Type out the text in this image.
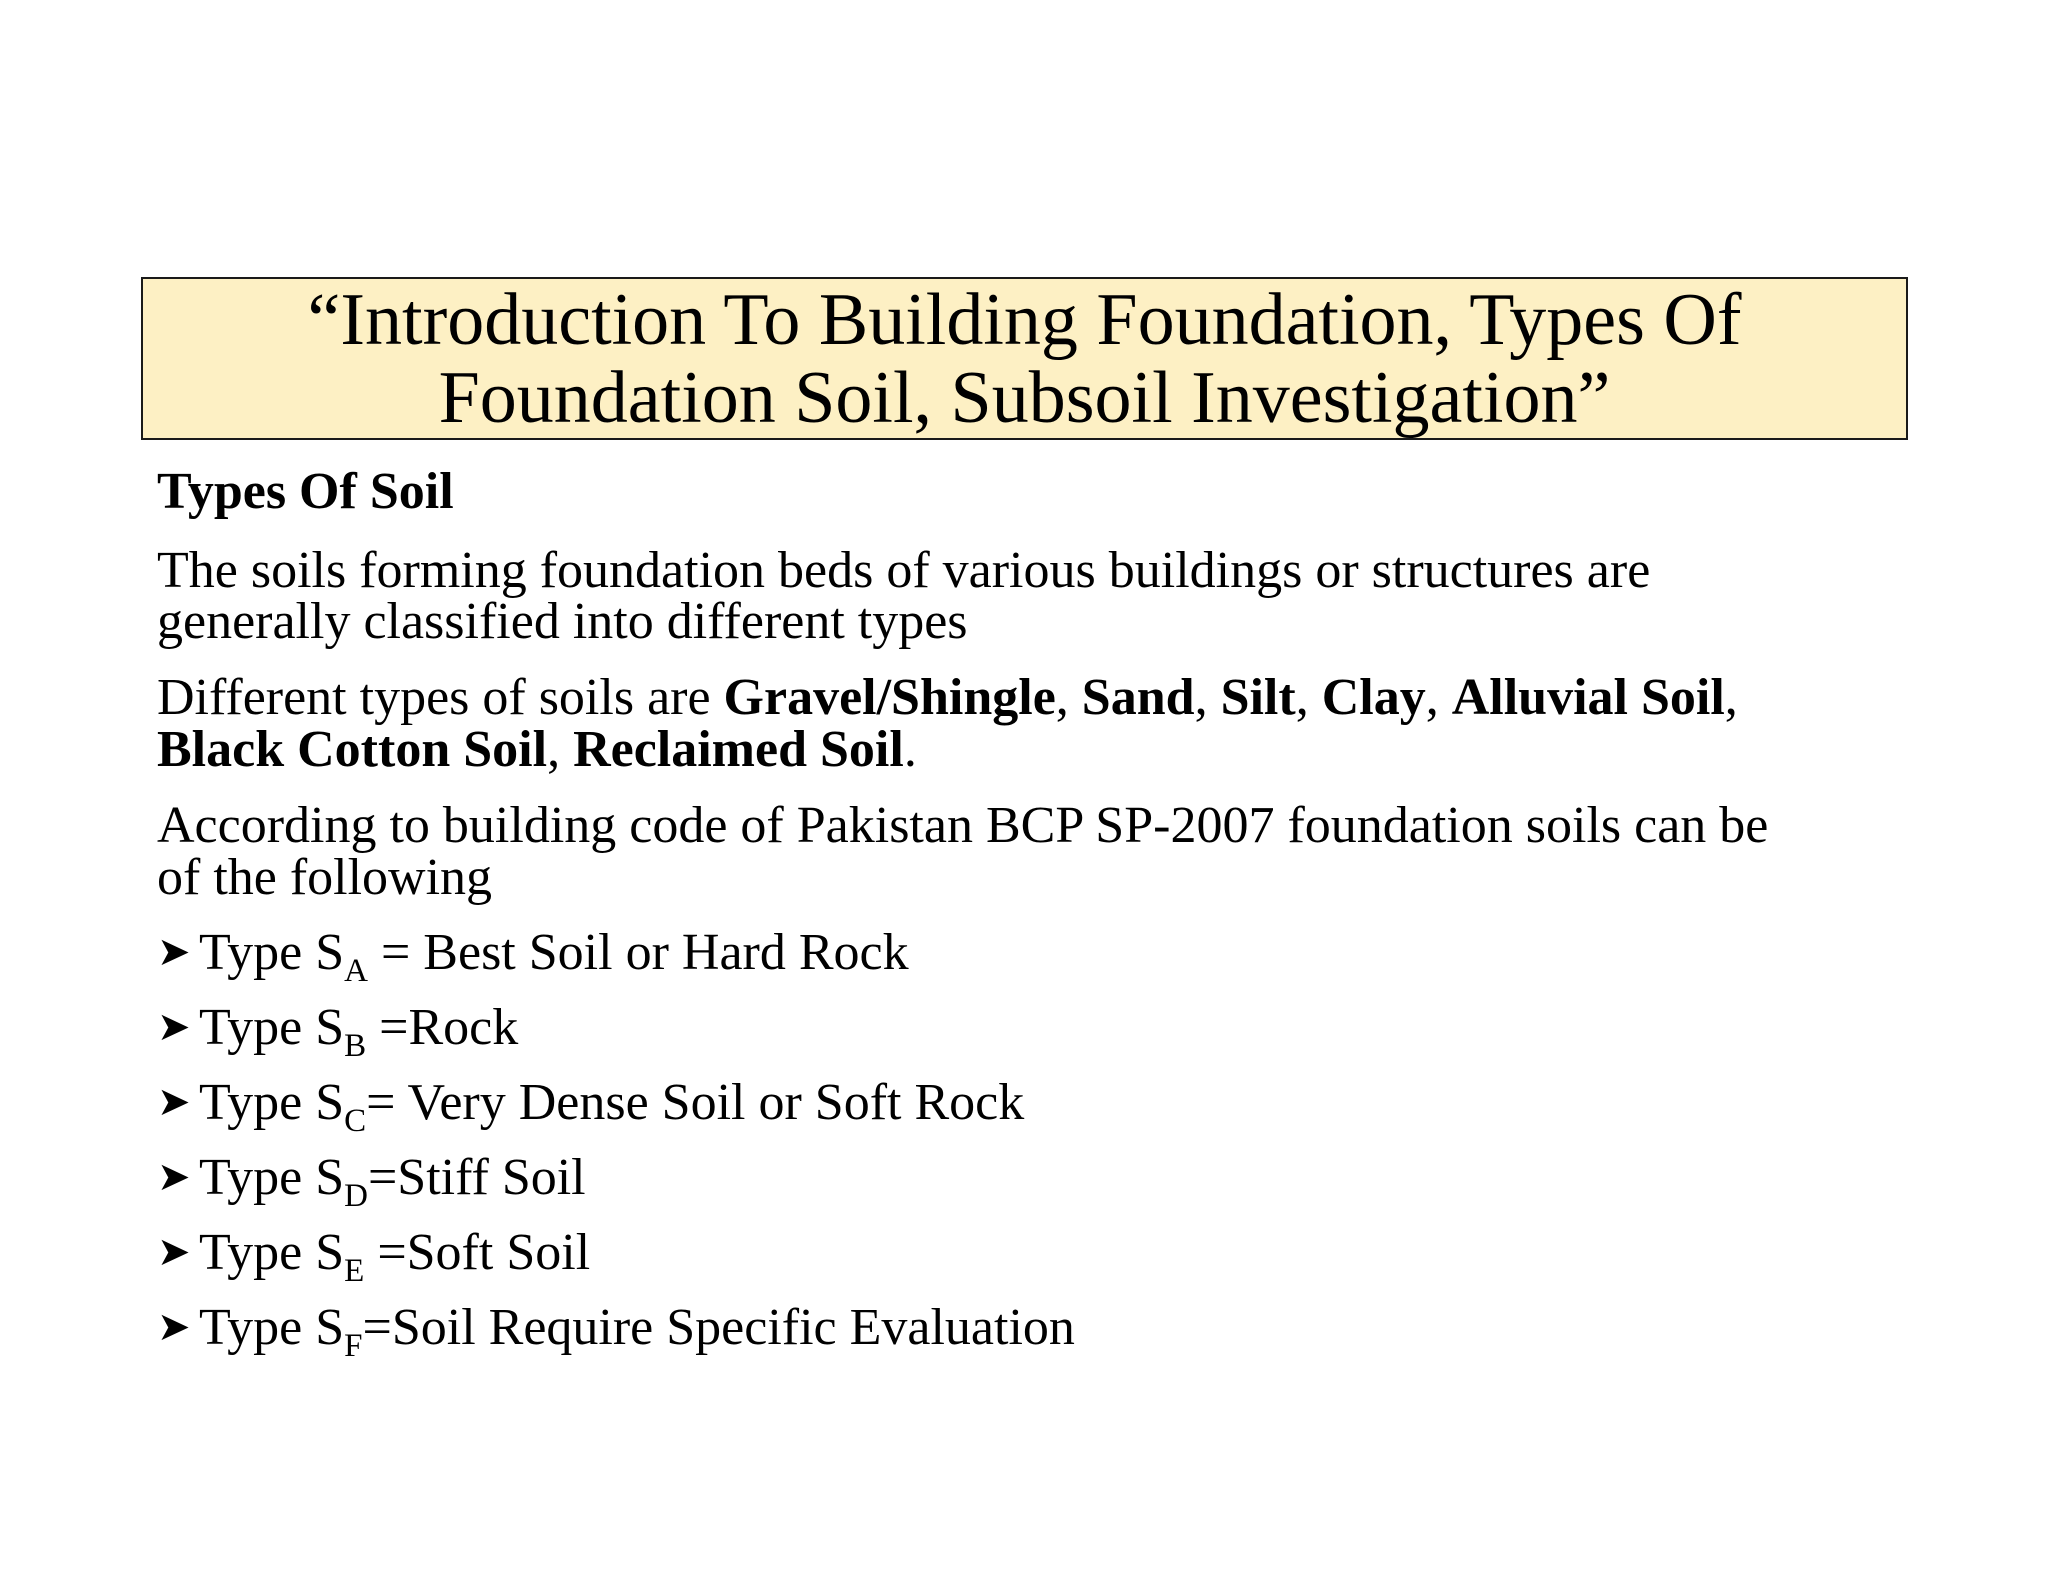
“Introduction To Building Foundation, Types Of
Foundation Soil, Subsoil Investigation”
Types Of Soil
The soils forming foundation beds of various buildings or structures are
generally classified into different types
Different types of soils are Gravel/Shingle, Sand, Silt, Clay, Alluvial Soil,
Black Cotton Soil, Reclaimed Soil.
According to building code of Pakistan BCP SP-2007 foundation soils can be
of the following
➤ Type $S_A$ = Best Soil or Hard Rock
➤ Type $S_B$ =Rock
➤ Type $S_C=$ Very Dense Soil or Soft Rock
➤ Type $S_D=Stiff$ Soil
➤ Type $S_E$ =Soft Soil
➤ Type $S_F=Soil$ Require Specific Evaluation
